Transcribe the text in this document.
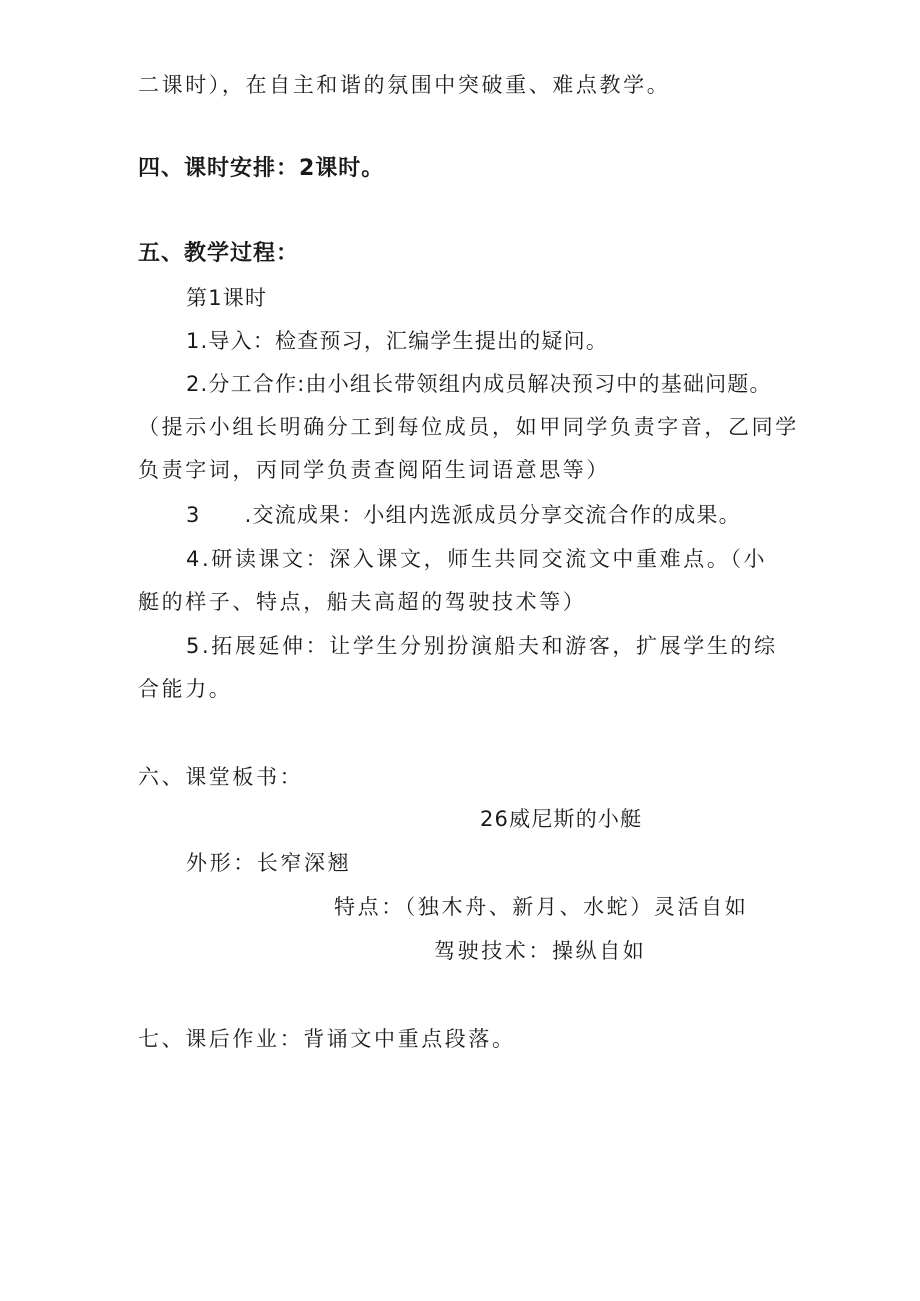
二课时），在自主和谐的氛围中突破重、难点教学。
四、课时安排：2课时。
五、教学过程：
第1课时
1.导入：检查预习，汇编学生提出的疑问。
2.分工合作:由小组长带领组内成员解决预习中的基础问题。
（提示小组长明确分工到每位成员，如甲同学负责字音，乙同学
负责字词，丙同学负责查阅陌生词语意思等）
3 .交流成果：小组内选派成员分享交流合作的成果。
4.研读课文：深入课文，师生共同交流文中重难点。（小
艇的样子、特点，船夫高超的驾驶技术等）
5.拓展延伸：让学生分别扮演船夫和游客，扩展学生的综
合能力。
六、课堂板书：
26威尼斯的小艇
外形：长窄深翘
特点：（独木舟、新月、水蛇）灵活自如
驾驶技术：操纵自如
七、课后作业：背诵文中重点段落。
